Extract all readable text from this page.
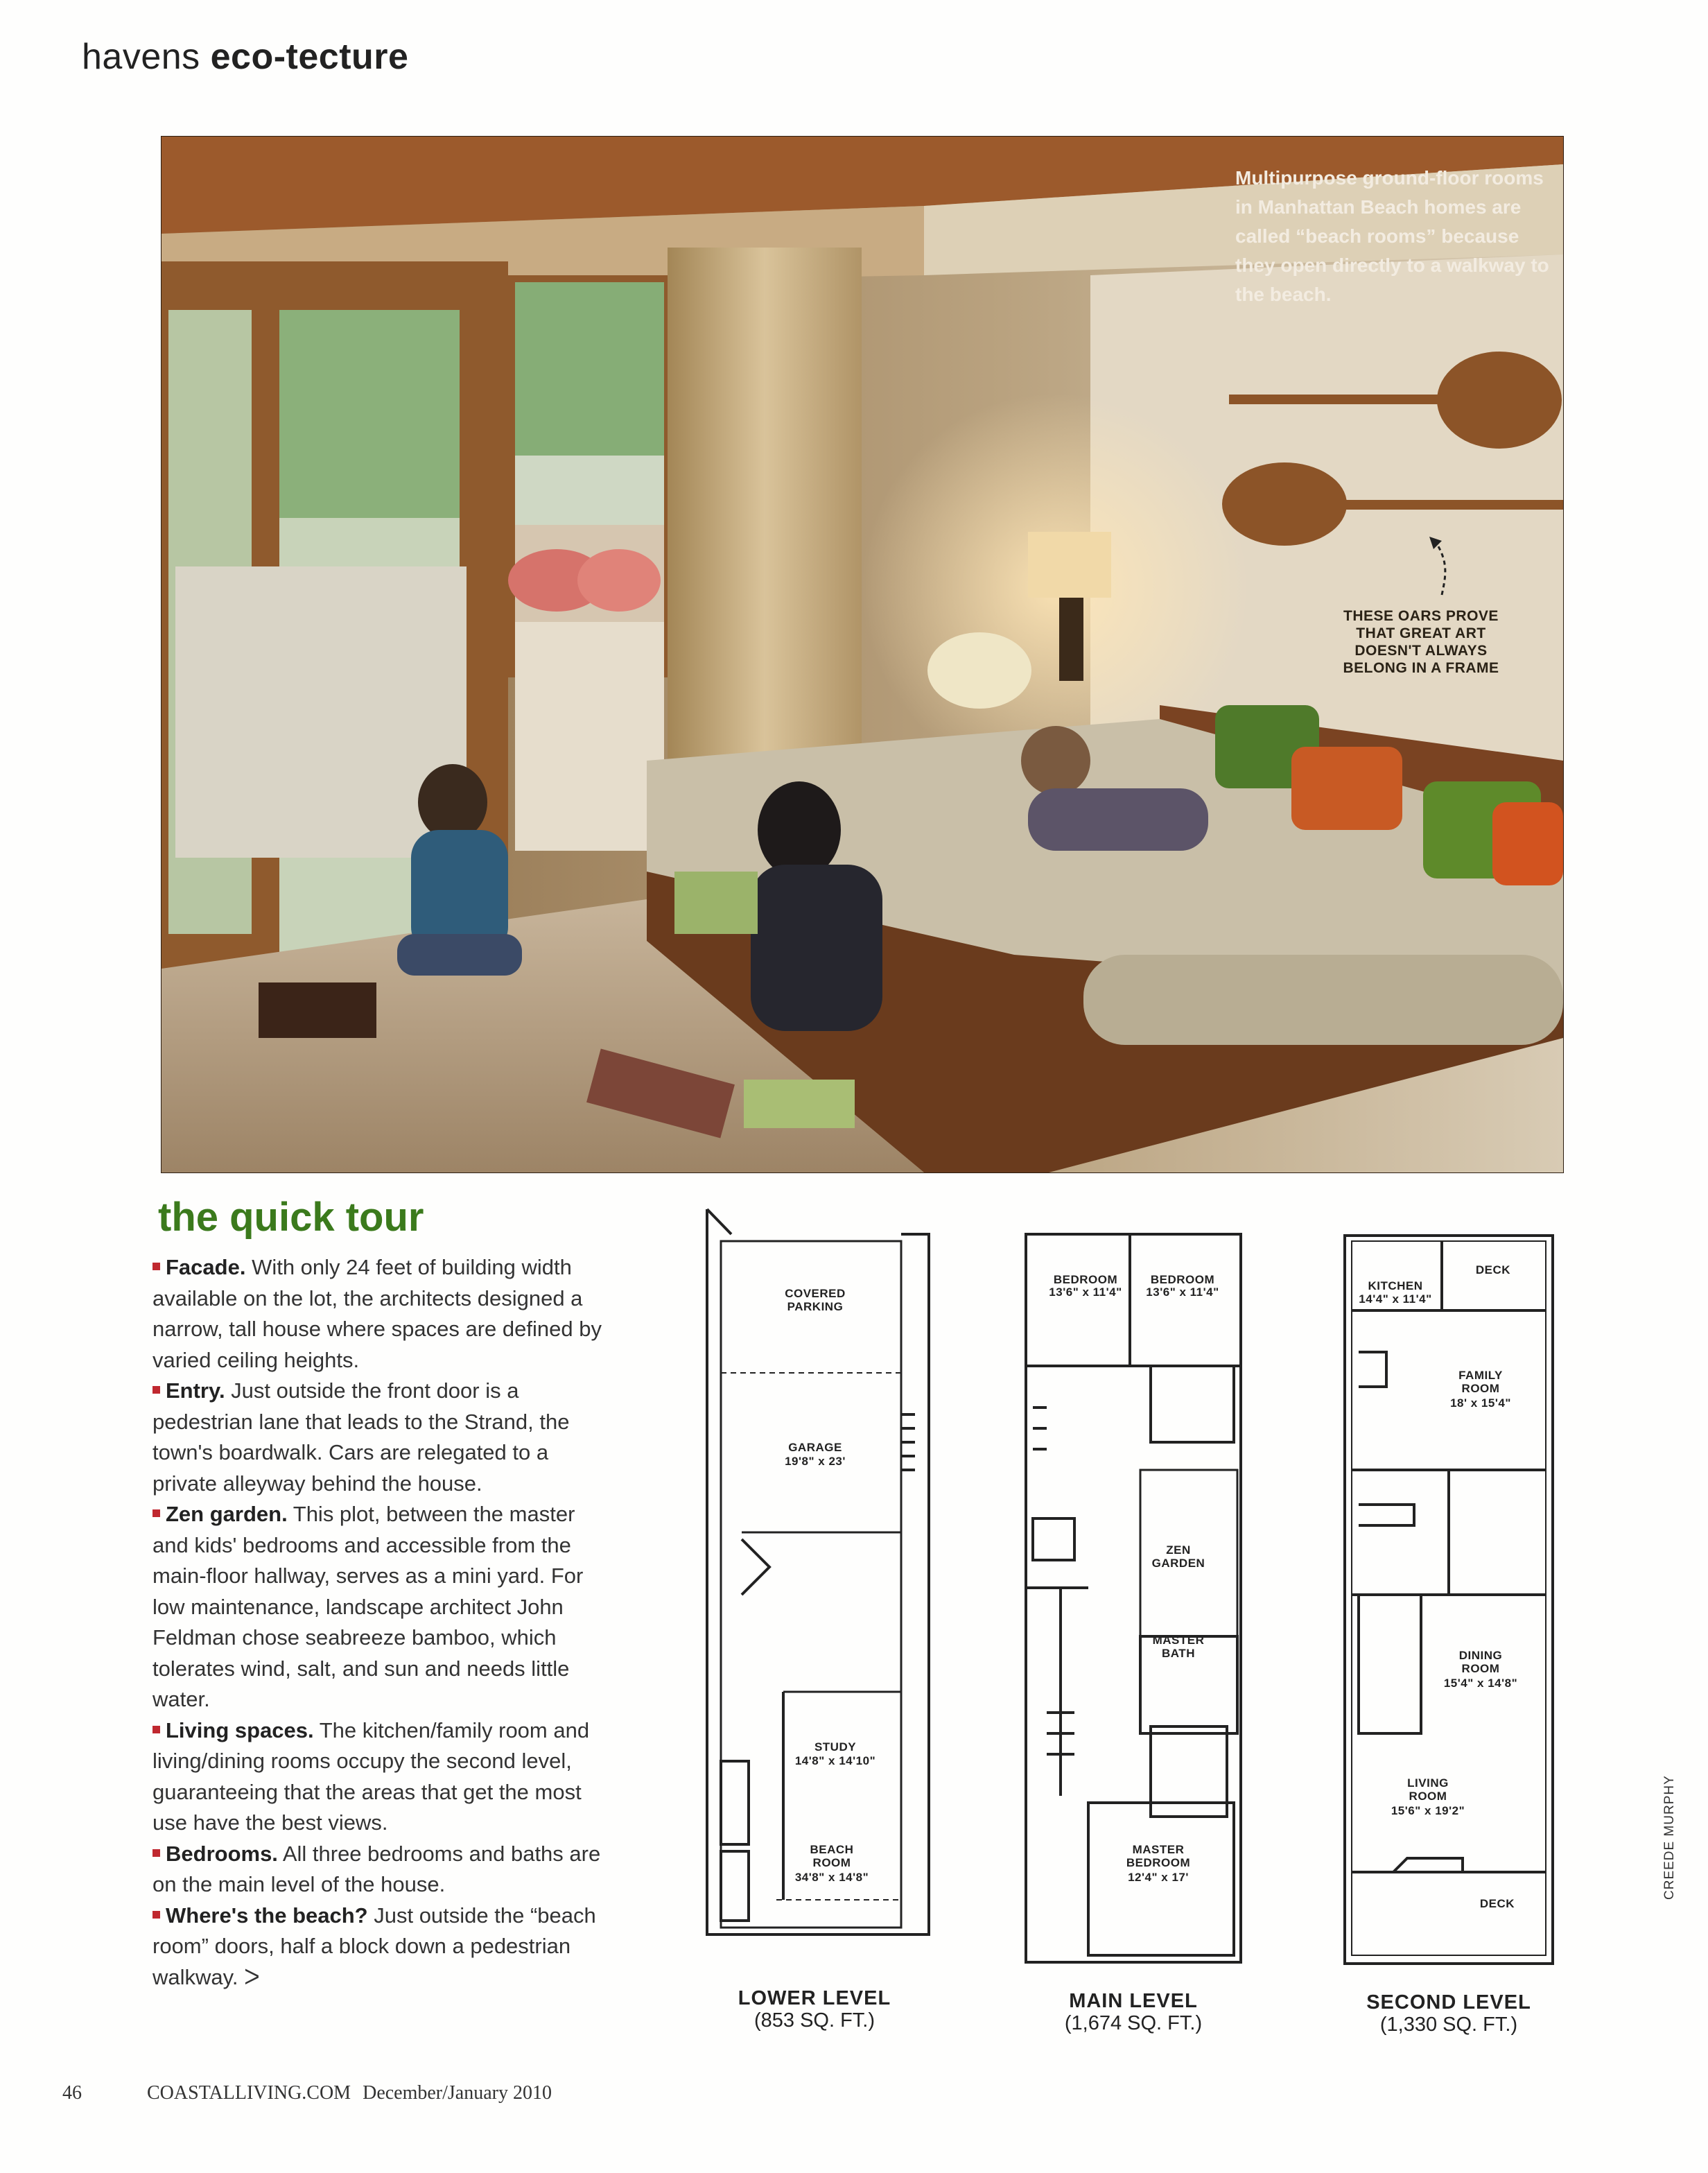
havens eco-tecture
Multipurpose ground-floor rooms in Manhattan Beach homes are called “beach rooms” because they open directly to a walkway to the beach.
THESE OARS PROVE THAT GREAT ART DOESN'T ALWAYS BELONG IN A FRAME
the quick tour

Facade. With only 24 feet of building width available on the lot, the architects designed a narrow, tall house where spaces are defined by varied ceiling heights.

Entry. Just outside the front door is a pedestrian lane that leads to the Strand, the town's boardwalk. Cars are relegated to a private alleyway behind the house.

Zen garden. This plot, between the master and kids' bedrooms and accessible from the main-floor hallway, serves as a mini yard. For low maintenance, landscape architect John Feldman chose seabreeze bamboo, which tolerates wind, salt, and sun and needs little water.

Living spaces. The kitchen/family room and living/dining rooms occupy the second level, guaranteeing that the areas that get the most use have the best views.

Bedrooms. All three bedrooms and baths are on the main level of the house.

Where's the beach? Just outside the “beach room” doors, half a block down a pedestrian walkway. ᐳ

COVERED PARKING
GARAGE
19'8" x 23'
STUDY
14'8" x 14'10"
BEACH ROOM
34'8" x 14'8"
BEDROOM
13'6" x 11'4"
BEDROOM
13'6" x 11'4"
ZEN GARDEN
MASTER BATH
MASTER BEDROOM
12'4" x 17'
KITCHEN
14'4" x 11'4"
DECK
FAMILY ROOM
18' x 15'4"
DINING ROOM
15'4" x 14'8"
LIVING ROOM
15'6" x 19'2"
DECK
LOWER LEVEL
(853 SQ. FT.)
MAIN LEVEL
(1,674 SQ. FT.)
SECOND LEVEL
(1,330 SQ. FT.)
CREEDE MURPHY
46	COASTALLIVING.COM December/January 2010
